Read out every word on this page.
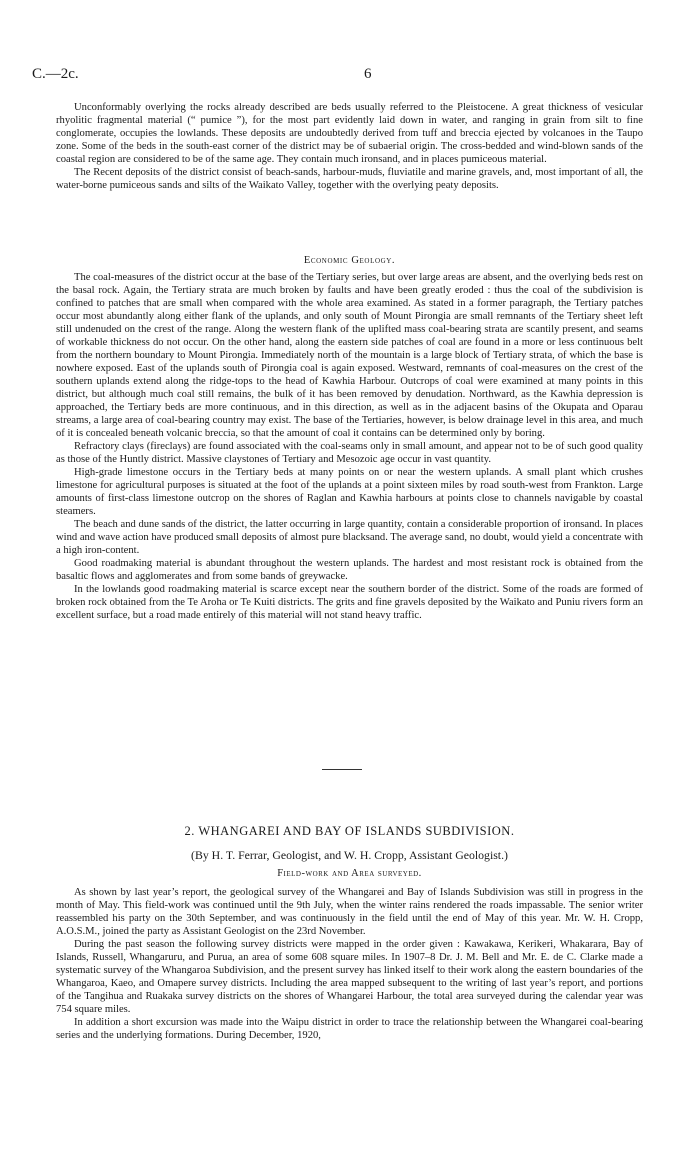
C.—2c.	6

Unconformably overlying the rocks already described are beds usually referred to the Pleistocene. A great thickness of vesicular rhyolitic fragmental material (“ pumice ”), for the most part evidently laid down in water, and ranging in grain from silt to fine conglomerate, occupies the lowlands. These deposits are undoubtedly derived from tuff and breccia ejected by volcanoes in the Taupo zone. Some of the beds in the south-east corner of the district may be of subaerial origin. The cross-bedded and wind-blown sands of the coastal region are considered to be of the same age. They contain much ironsand, and in places pumiceous material.

The Recent deposits of the district consist of beach-sands, harbour-muds, fluviatile and marine gravels, and, most important of all, the water-borne pumiceous sands and silts of the Waikato Valley, together with the overlying peaty deposits.

Economic Geology.

The coal-measures of the district occur at the base of the Tertiary series, but over large areas are absent, and the overlying beds rest on the basal rock. Again, the Tertiary strata are much broken by faults and have been greatly eroded : thus the coal of the subdivision is confined to patches that are small when compared with the whole area examined. As stated in a former paragraph, the Tertiary patches occur most abundantly along either flank of the uplands, and only south of Mount Pirongia are small remnants of the Tertiary sheet left still undenuded on the crest of the range. Along the western flank of the uplifted mass coal-bearing strata are scantily present, and seams of workable thickness do not occur. On the other hand, along the eastern side patches of coal are found in a more or less continuous belt from the northern boundary to Mount Pirongia. Immediately north of the mountain is a large block of Tertiary strata, of which the base is nowhere exposed. East of the uplands south of Pirongia coal is again exposed. Westward, remnants of coal-measures on the crest of the southern uplands extend along the ridge-tops to the head of Kawhia Harbour. Outcrops of coal were examined at many points in this district, but although much coal still remains, the bulk of it has been removed by denudation. Northward, as the Kawhia depression is approached, the Tertiary beds are more continuous, and in this direction, as well as in the adjacent basins of the Okupata and Oparau streams, a large area of coal-bearing country may exist. The base of the Tertiaries, however, is below drainage level in this area, and much of it is concealed beneath volcanic breccia, so that the amount of coal it contains can be determined only by boring.

Refractory clays (fireclays) are found associated with the coal-seams only in small amount, and appear not to be of such good quality as those of the Huntly district. Massive claystones of Tertiary and Mesozoic age occur in vast quantity.

High-grade limestone occurs in the Tertiary beds at many points on or near the western uplands. A small plant which crushes limestone for agricultural purposes is situated at the foot of the uplands at a point sixteen miles by road south-west from Frankton. Large amounts of first-class limestone outcrop on the shores of Raglan and Kawhia harbours at points close to channels navigable by coastal steamers.

The beach and dune sands of the district, the latter occurring in large quantity, contain a considerable proportion of ironsand. In places wind and wave action have produced small deposits of almost pure blacksand. The average sand, no doubt, would yield a concentrate with a high iron-content.

Good roadmaking material is abundant throughout the western uplands. The hardest and most resistant rock is obtained from the basaltic flows and agglomerates and from some bands of greywacke.

In the lowlands good roadmaking material is scarce except near the southern border of the district. Some of the roads are formed of broken rock obtained from the Te Aroha or Te Kuiti districts. The grits and fine gravels deposited by the Waikato and Puniu rivers form an excellent surface, but a road made entirely of this material will not stand heavy traffic.

2. WHANGAREI AND BAY OF ISLANDS SUBDIVISION.
(By H. T. Ferrar, Geologist, and W. H. Cropp, Assistant Geologist.)
Field-work and Area surveyed.

As shown by last year’s report, the geological survey of the Whangarei and Bay of Islands Subdivision was still in progress in the month of May. This field-work was continued until the 9th July, when the winter rains rendered the roads impassable. The senior writer reassembled his party on the 30th September, and was continuously in the field until the end of May of this year. Mr. W. H. Cropp, A.O.S.M., joined the party as Assistant Geologist on the 23rd November.

During the past season the following survey districts were mapped in the order given : Kawakawa, Kerikeri, Whakarara, Bay of Islands, Russell, Whangaruru, and Purua, an area of some 608 square miles. In 1907–8 Dr. J. M. Bell and Mr. E. de C. Clarke made a systematic survey of the Whangaroa Subdivision, and the present survey has linked itself to their work along the eastern boundaries of the Whangaroa, Kaeo, and Omapere survey districts. Including the area mapped subsequent to the writing of last year’s report, and portions of the Tangihua and Ruakaka survey districts on the shores of Whangarei Harbour, the total area surveyed during the calendar year was 754 square miles.

In addition a short excursion was made into the Waipu district in order to trace the relationship between the Whangarei coal-bearing series and the underlying formations. During December, 1920,
